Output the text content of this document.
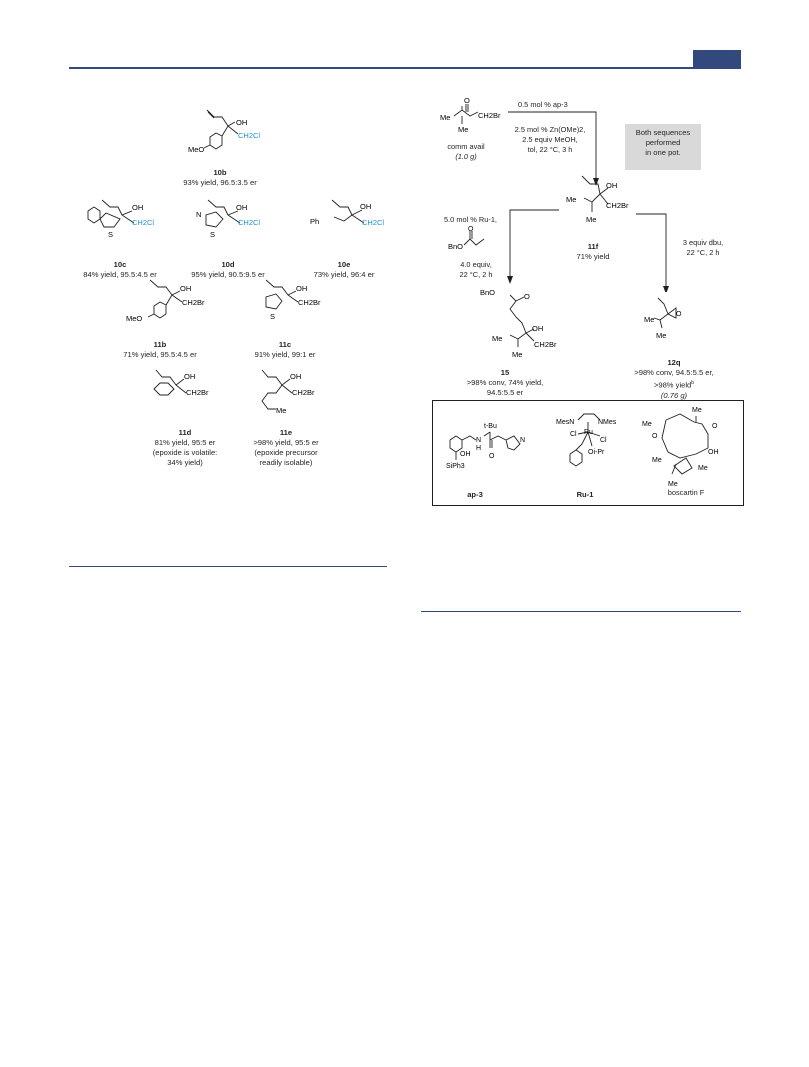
OH
CH2Cl
MeO
10b
93% yield, 96.5:3.5 er
OH
CH2Cl
S
10c
84% yield, 95.5:4.5 er
OH
CH2Cl
N
S
10d
95% yield, 90.5:9.5 er
Ph
OH
CH2Cl
10e
73% yield, 96:4 er
OH
CH2Br
MeO
11b
71% yield, 95.5:4.5 er
OH
CH2Br
S
11c
91% yield, 99:1 er
OH
CH2Br
11d
81% yield, 95:5 er
(epoxide is volatile:
34% yield)
OH
CH2Br
Me
11e
>98% yield, 95:5 er
(epoxide precursor
readily isolable)
O
Me
Me
CH2Br
comm avail
(1.0 g)
0.5 mol % ap-3
2.5 mol % Zn(OMe)2,
2.5 equiv MeOH,
tol, 22 °C, 3 h
Both sequences
performed
in one pot.
OH
CH2Br
Me
Me
11f
71% yield
5.0 mol % Ru-1,
O
BnO
4.0 equiv,
22 °C, 2 h
3 equiv dbu,
22 °C, 2 h
BnO	O
OH
CH2Br
Me
Me
15
>98% conv, 74% yield,
94.5:5.5 er
Me
Me
O
12q
>98% conv, 94.5:5.5 er,
>98% yield$^b$
(0.76 g)
t-Bu
N
H
OH
SiPh3
O
N
ap-3
MesN	NMes
Cl Ru
Cl
Oi-Pr
Ru-1
Me
Me	O
OH
O
Me
Me
Me
boscartin F
